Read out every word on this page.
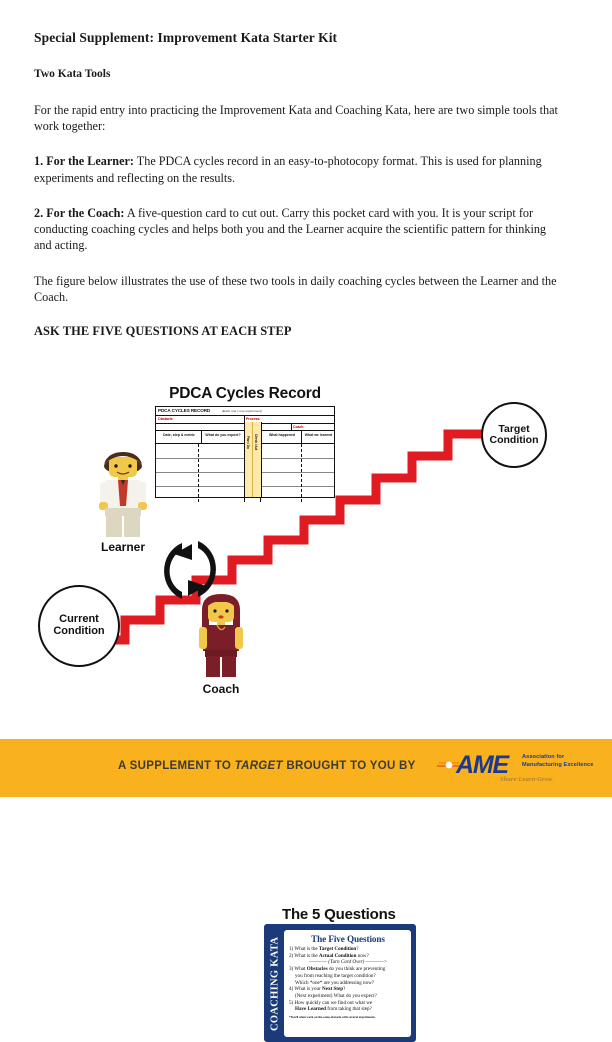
Special Supplement: Improvement Kata Starter Kit
Two Kata Tools

For the rapid entry into practicing the Improvement Kata and Coaching Kata, here are two simple tools that work together:

1. For the Learner: The PDCA cycles record in an easy-to-photocopy format. This is used for planning experiments and reflecting on the results.

2. For the Coach: A five-question card to cut out. Carry this pocket card with you. It is your script for conducting coaching cycles and helps both you and the Learner acquire the scientific pattern for thinking and acting.

The figure below illustrates the use of these two tools in daily coaching cycles between the Learner and the Coach.

ASK THE FIVE QUESTIONS AT EACH STEP

PDCA Cycles Record
PDCA CYCLES RECORD	(Each row = one experiment)
Obstacle:	Process:
Coach:
Date, step & metric	What do you expect?	What happened	What we learned
Plan / Do Check / Act
Learner
Coach
The 5 Questions
COACHING KATA	The Five Questions
1) What is the Target Condition?
2) What is the Actual Condition now?
———— (Turn Card Over) ————>
3) What Obstacles do you think are preventing
you from reaching the target condition?
Which *one* are you addressing now?
4) What is your Next Step?
(Next experiment) What do you expect?
5) How quickly can we find out what we
Have Learned from taking that step?
*You'll often work on the same obstacle with several experiments.
Target Condition
Current Condition
A SUPPLEMENT TO TARGET BROUGHT TO YOU BY AME	Association for Manufacturing Excellence
Share·Learn·Grow
